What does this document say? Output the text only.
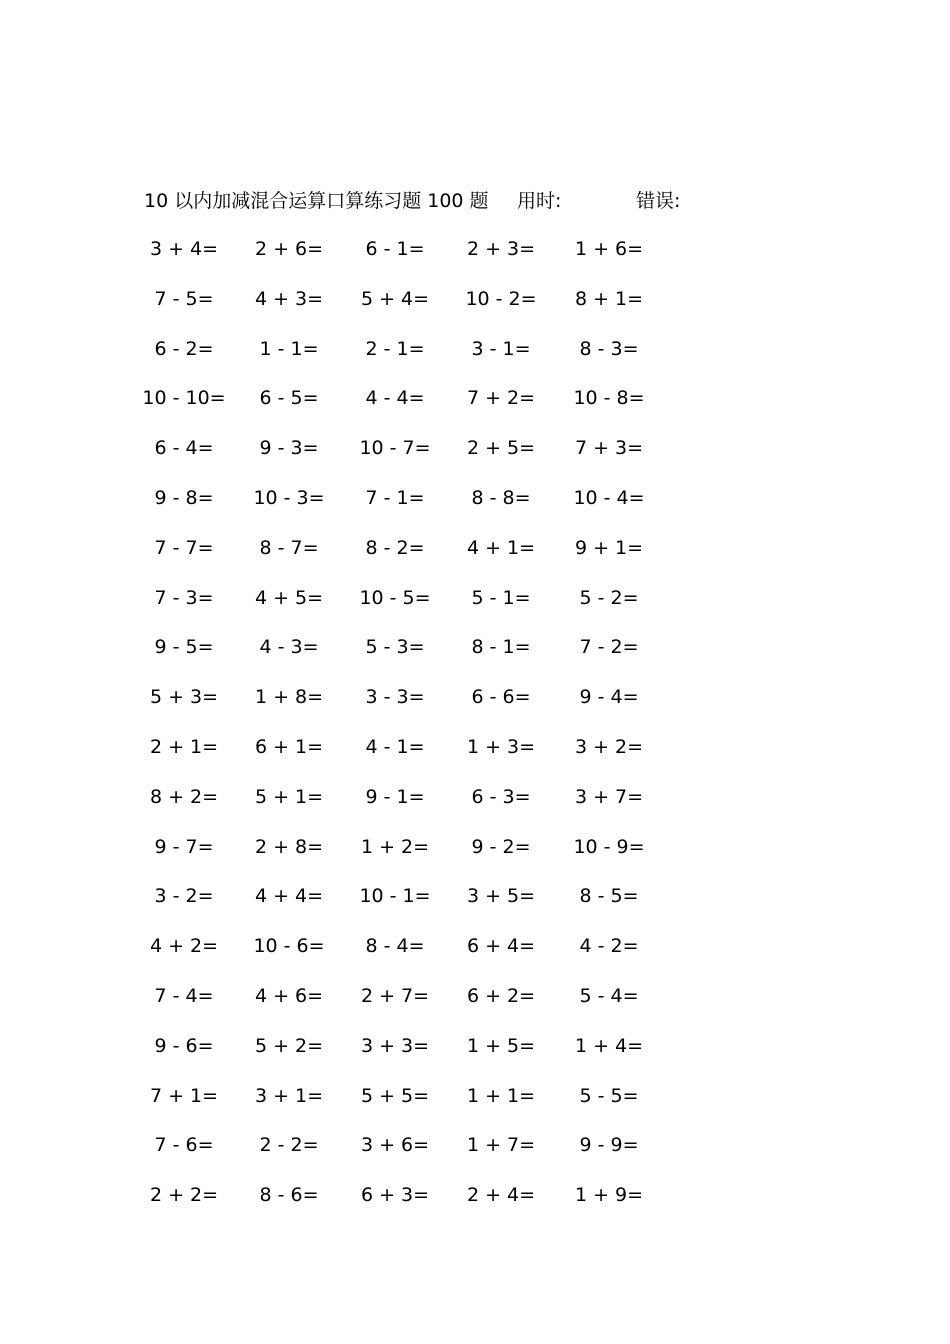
10 以内加减混合运算口算练习题 100 题 用时:	错误:
3 + 4=	2 + 6=	6 - 1=	2 + 3=	1 + 6=
7 - 5=	4 + 3=	5 + 4=	10 - 2=	8 + 1=
6 - 2=	1 - 1=	2 - 1=	3 - 1=	8 - 3=
10 - 10=	6 - 5=	4 - 4=	7 + 2=	10 - 8=
6 - 4=	9 - 3=	10 - 7=	2 + 5=	7 + 3=
9 - 8=	10 - 3=	7 - 1=	8 - 8=	10 - 4=
7 - 7=	8 - 7=	8 - 2=	4 + 1=	9 + 1=
7 - 3=	4 + 5=	10 - 5=	5 - 1=	5 - 2=
9 - 5=	4 - 3=	5 - 3=	8 - 1=	7 - 2=
5 + 3=	1 + 8=	3 - 3=	6 - 6=	9 - 4=
2 + 1=	6 + 1=	4 - 1=	1 + 3=	3 + 2=
8 + 2=	5 + 1=	9 - 1=	6 - 3=	3 + 7=
9 - 7=	2 + 8=	1 + 2=	9 - 2=	10 - 9=
3 - 2=	4 + 4=	10 - 1=	3 + 5=	8 - 5=
4 + 2=	10 - 6=	8 - 4=	6 + 4=	4 - 2=
7 - 4=	4 + 6=	2 + 7=	6 + 2=	5 - 4=
9 - 6=	5 + 2=	3 + 3=	1 + 5=	1 + 4=
7 + 1=	3 + 1=	5 + 5=	1 + 1=	5 - 5=
7 - 6=	2 - 2=	3 + 6=	1 + 7=	9 - 9=
2 + 2=	8 - 6=	6 + 3=	2 + 4=	1 + 9=
